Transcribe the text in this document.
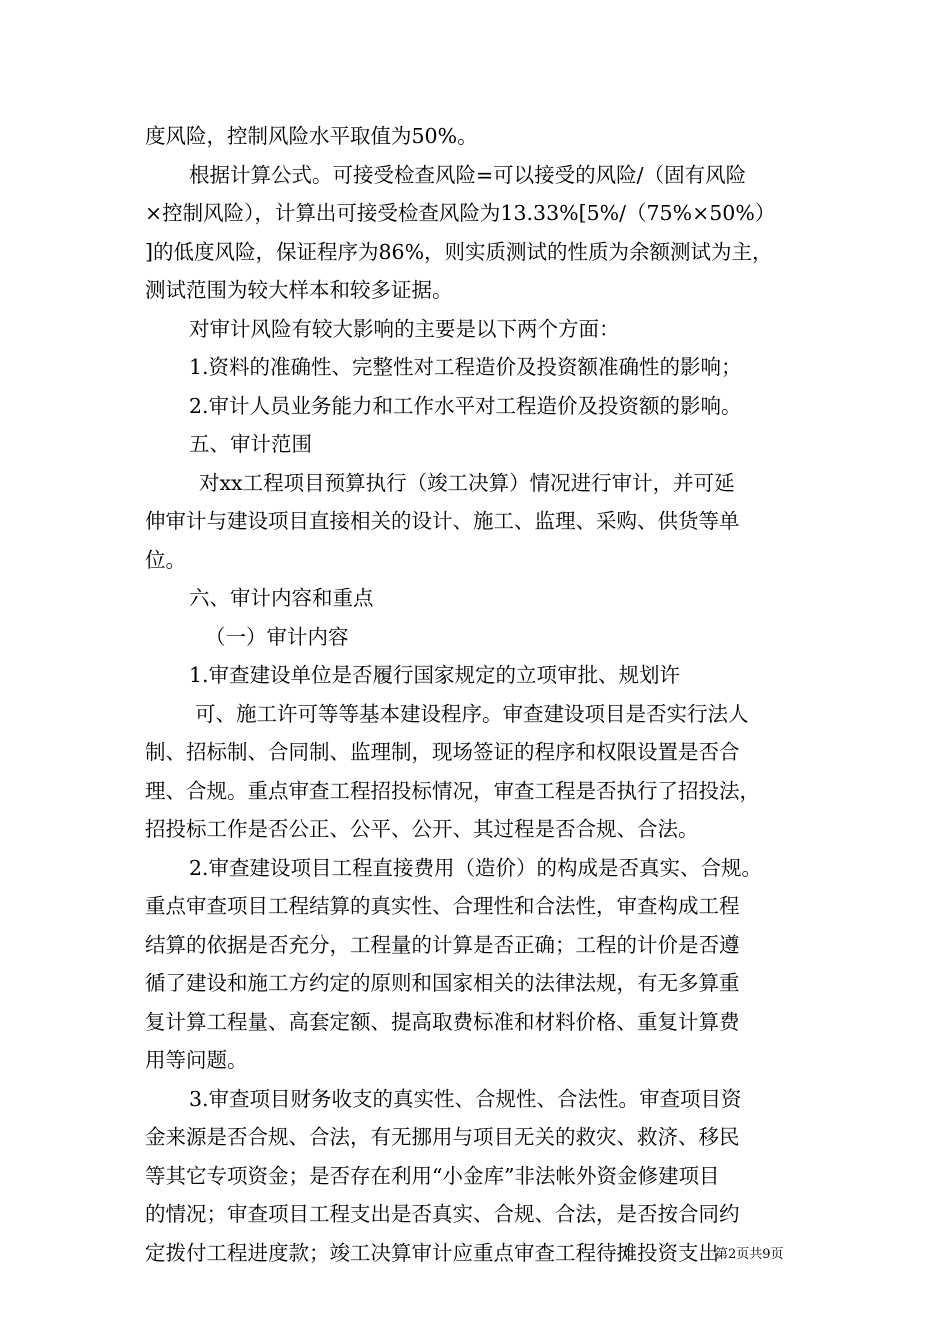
度风险，控制风险水平取值为50%。
根据计算公式。可接受检查风险=可以接受的风险/（固有风险
×控制风险），计算出可接受检查风险为13.33%[5%/（75%×50%）
]的低度风险，保证程序为86%，则实质测试的性质为余额测试为主，
测试范围为较大样本和较多证据。
对审计风险有较大影响的主要是以下两个方面：
1.资料的准确性、完整性对工程造价及投资额准确性的影响；
2.审计人员业务能力和工作水平对工程造价及投资额的影响。
五、审计范围
对xx工程项目预算执行（竣工决算）情况进行审计，并可延
伸审计与建设项目直接相关的设计、施工、监理、采购、供货等单
位。
六、审计内容和重点
（一）审计内容
1.审查建设单位是否履行国家规定的立项审批、规划许
可、施工许可等等基本建设程序。审查建设项目是否实行法人
制、招标制、合同制、监理制，现场签证的程序和权限设置是否合
理、合规。重点审查工程招投标情况，审查工程是否执行了招投法，
招投标工作是否公正、公平、公开、其过程是否合规、合法。
2.审查建设项目工程直接费用（造价）的构成是否真实、合规。
重点审查项目工程结算的真实性、合理性和合法性，审查构成工程
结算的依据是否充分，工程量的计算是否正确；工程的计价是否遵
循了建设和施工方约定的原则和国家相关的法律法规，有无多算重
复计算工程量、高套定额、提高取费标准和材料价格、重复计算费
用等问题。
3.审查项目财务收支的真实性、合规性、合法性。审查项目资
金来源是否合规、合法，有无挪用与项目无关的救灾、救济、移民
等其它专项资金；是否存在利用“小金库”非法帐外资金修建项目
的情况；审查项目工程支出是否真实、合规、合法，是否按合同约
定拨付工程进度款；竣工决算审计应重点审查工程待摊投资支出
第2页共9页
